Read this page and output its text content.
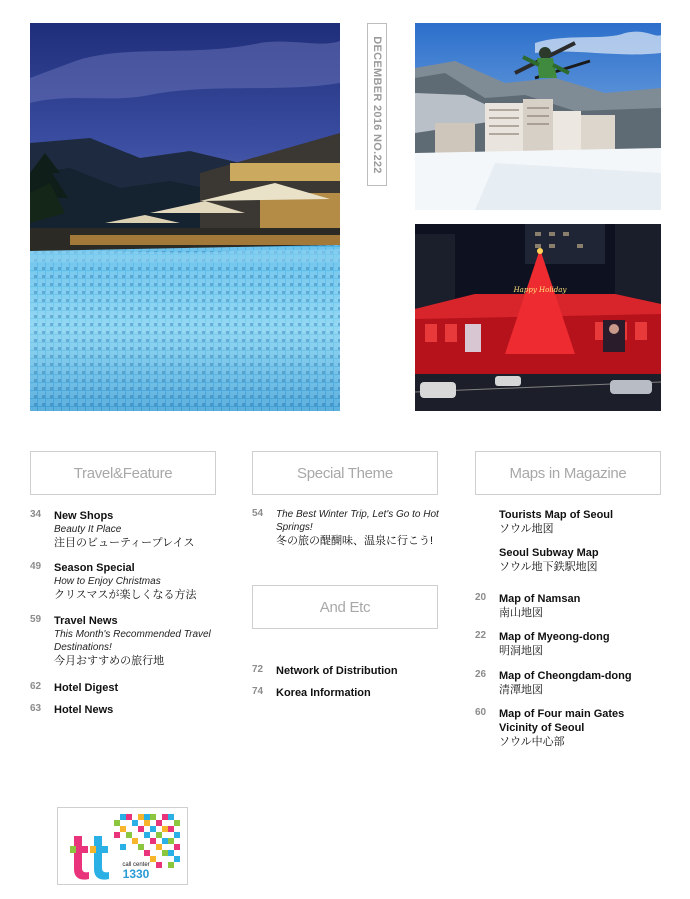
DECEMBER 2016 NO.222
Happy Holiday
Travel&Feature	Special Theme	Maps in Magazine
And Etc
34 New Shops
Beauty It Place
注目のビューティープレイス
49 Season Special
How to Enjoy Christmas
クリスマスが楽しくなる方法
59 Travel News
This Month's Recommended Travel Destinations!
今月おすすめの旅行地
62 Hotel Digest
63 Hotel News
54 The Best Winter Trip, Let's Go to Hot Springs!
冬の旅の醍醐味、温泉に行こう!
72 Network of Distribution
74 Korea Information
Tourists Map of Seoul
ソウル地図
Seoul Subway Map
ソウル地下鉄駅地図
20 Map of Namsan
南山地図
22 Map of Myeong-dong
明洞地図
26 Map of Cheongdam-dong
清潭地図
60 Map of Four main Gates Vicinity of Seoul
ソウル中心部
call center
1330
